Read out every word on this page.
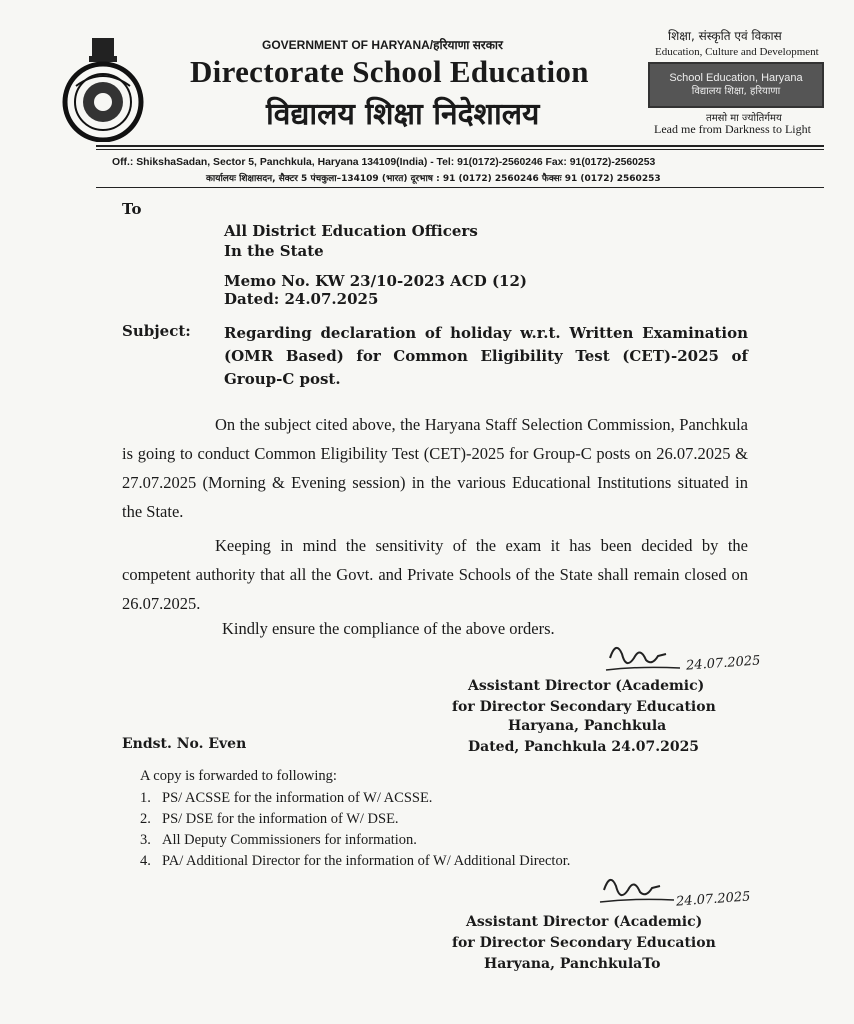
GOVERNMENT OF HARYANA/हरियाणा सरकार
Directorate School Education
विद्यालय शिक्षा निदेशालय
शिक्षा, संस्कृति एवं विकास
Education, Culture and Development
School Education, Haryana
विद्यालय शिक्षा, हरियाणा
तमसो मा ज्योतिर्गमय
Lead me from Darkness to Light
Off.: ShikshaSadan, Sector 5, Panchkula, Haryana 134109(India) - Tel: 91(0172)-2560246 Fax: 91(0172)-2560253
कार्यालयः शिक्षासदन, सैक्टर 5 पंचकुला–134109 (भारत) दूरभाष : 91 (0172) 2560246 फैक्सः 91 (0172) 2560253
To
All District Education Officers
In the State
Memo No. KW 23/10-2023 ACD (12)
Dated: 24.07.2025
Subject: Regarding declaration of holiday w.r.t. Written Examination (OMR Based) for Common Eligibility Test (CET)-2025 of Group-C post.
On the subject cited above, the Haryana Staff Selection Commission, Panchkula is going to conduct Common Eligibility Test (CET)-2025 for Group-C posts on 26.07.2025 & 27.07.2025 (Morning & Evening session) in the various Educational Institutions situated in the State.
Keeping in mind the sensitivity of the exam it has been decided by the competent authority that all the Govt. and Private Schools of the State shall remain closed on 26.07.2025.
Kindly ensure the compliance of the above orders.
24.07.2025
Assistant Director (Academic)
for Director Secondary Education
Haryana, Panchkula
Dated, Panchkula 24.07.2025
Endst. No. Even
A copy is forwarded to following:
1. PS/ ACSSE for the information of W/ ACSSE.
2. PS/ DSE for the information of W/ DSE.
3. All Deputy Commissioners for information.
4. PA/ Additional Director for the information of W/ Additional Director.
24.07.2025
Assistant Director (Academic)
for Director Secondary Education
Haryana, PanchkulaTo
